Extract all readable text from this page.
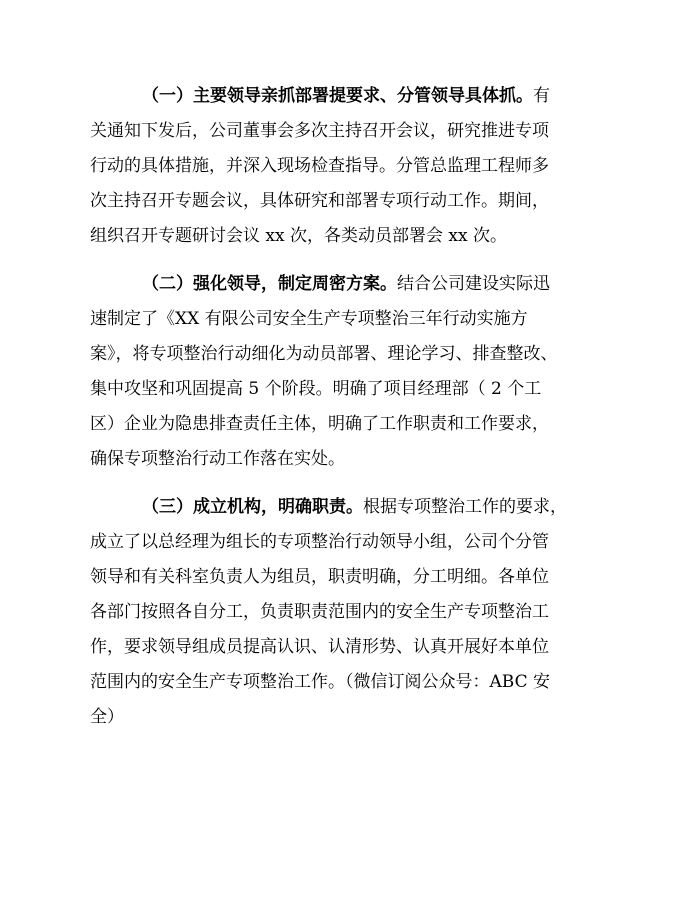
（一）主要领导亲抓部署提要求、分管领导具体抓。有
关通知下发后，公司董事会多次主持召开会议，研究推进专项
行动的具体措施，并深入现场检查指导。分管总监理工程师多
次主持召开专题会议，具体研究和部署专项行动工作。期间，
组织召开专题研讨会议 xx 次，各类动员部署会 xx 次。
（二）强化领导，制定周密方案。结合公司建设实际迅
速制定了《XX 有限公司安全生产专项整治三年行动实施方
案》，将专项整治行动细化为动员部署、理论学习、排查整改、
集中攻坚和巩固提高 5 个阶段。明确了项目经理部（ 2 个工
区）企业为隐患排查责任主体，明确了工作职责和工作要求，
确保专项整治行动工作落在实处。
（三）成立机构，明确职责。根据专项整治工作的要求，
成立了以总经理为组长的专项整治行动领导小组，公司个分管
领导和有关科室负责人为组员，职责明确，分工明细。各单位
各部门按照各自分工，负责职责范围内的安全生产专项整治工
作，要求领导组成员提高认识、认清形势、认真开展好本单位
范围内的安全生产专项整治工作。（微信订阅公众号：ABC 安
全）
